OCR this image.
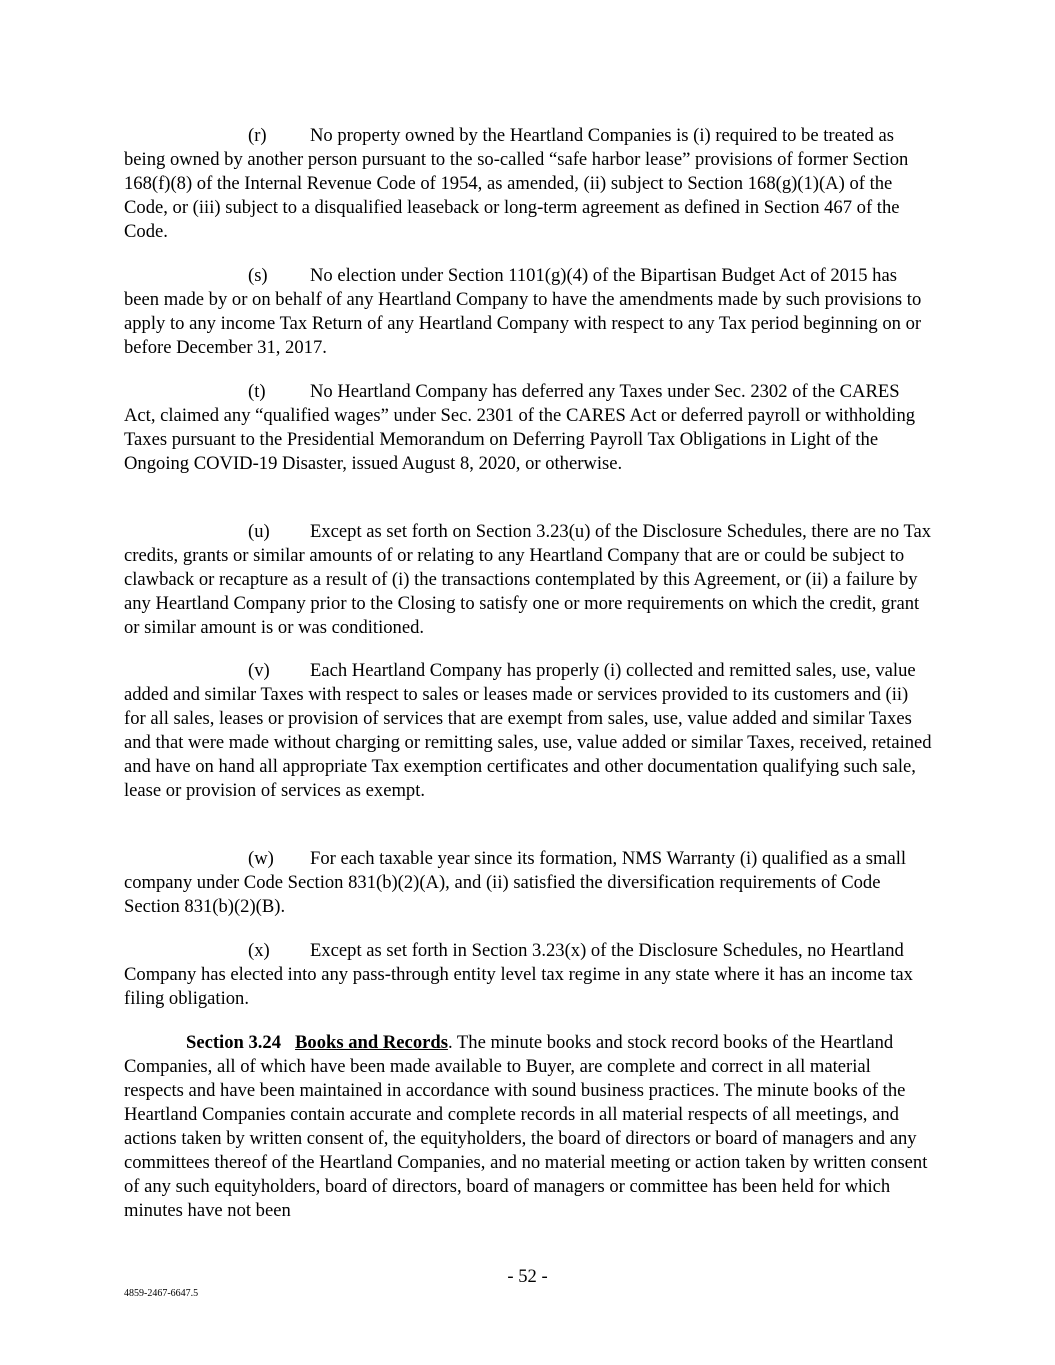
(r) No property owned by the Heartland Companies is (i) required to be treated as being owned by another person pursuant to the so-called “safe harbor lease” provisions of former Section 168(f)(8) of the Internal Revenue Code of 1954, as amended, (ii) subject to Section 168(g)(1)(A) of the Code, or (iii) subject to a disqualified leaseback or long-term agreement as defined in Section 467 of the Code.

(s) No election under Section 1101(g)(4) of the Bipartisan Budget Act of 2015 has been made by or on behalf of any Heartland Company to have the amendments made by such provisions to apply to any income Tax Return of any Heartland Company with respect to any Tax period beginning on or before December 31, 2017.

(t) No Heartland Company has deferred any Taxes under Sec. 2302 of the CARES Act, claimed any “qualified wages” under Sec. 2301 of the CARES Act or deferred payroll or withholding Taxes pursuant to the Presidential Memorandum on Deferring Payroll Tax Obligations in Light of the Ongoing COVID-19 Disaster, issued August 8, 2020, or otherwise.

(u) Except as set forth on Section 3.23(u) of the Disclosure Schedules, there are no Tax credits, grants or similar amounts of or relating to any Heartland Company that are or could be subject to clawback or recapture as a result of (i) the transactions contemplated by this Agreement, or (ii) a failure by any Heartland Company prior to the Closing to satisfy one or more requirements on which the credit, grant or similar amount is or was conditioned.

(v) Each Heartland Company has properly (i) collected and remitted sales, use, value added and similar Taxes with respect to sales or leases made or services provided to its customers and (ii) for all sales, leases or provision of services that are exempt from sales, use, value added and similar Taxes and that were made without charging or remitting sales, use, value added or similar Taxes, received, retained and have on hand all appropriate Tax exemption certificates and other documentation qualifying such sale, lease or provision of services as exempt.

(w) For each taxable year since its formation, NMS Warranty (i) qualified as a small company under Code Section 831(b)(2)(A), and (ii) satisfied the diversification requirements of Code Section 831(b)(2)(B).

(x) Except as set forth in Section 3.23(x) of the Disclosure Schedules, no Heartland Company has elected into any pass-through entity level tax regime in any state where it has an income tax filing obligation.

Section 3.24 Books and Records. The minute books and stock record books of the Heartland Companies, all of which have been made available to Buyer, are complete and correct in all material respects and have been maintained in accordance with sound business practices. The minute books of the Heartland Companies contain accurate and complete records in all material respects of all meetings, and actions taken by written consent of, the equityholders, the board of directors or board of managers and any committees thereof of the Heartland Companies, and no material meeting or action taken by written consent of any such equityholders, board of directors, board of managers or committee has been held for which minutes have not been

- 52 -
4859-2467-6647.5
